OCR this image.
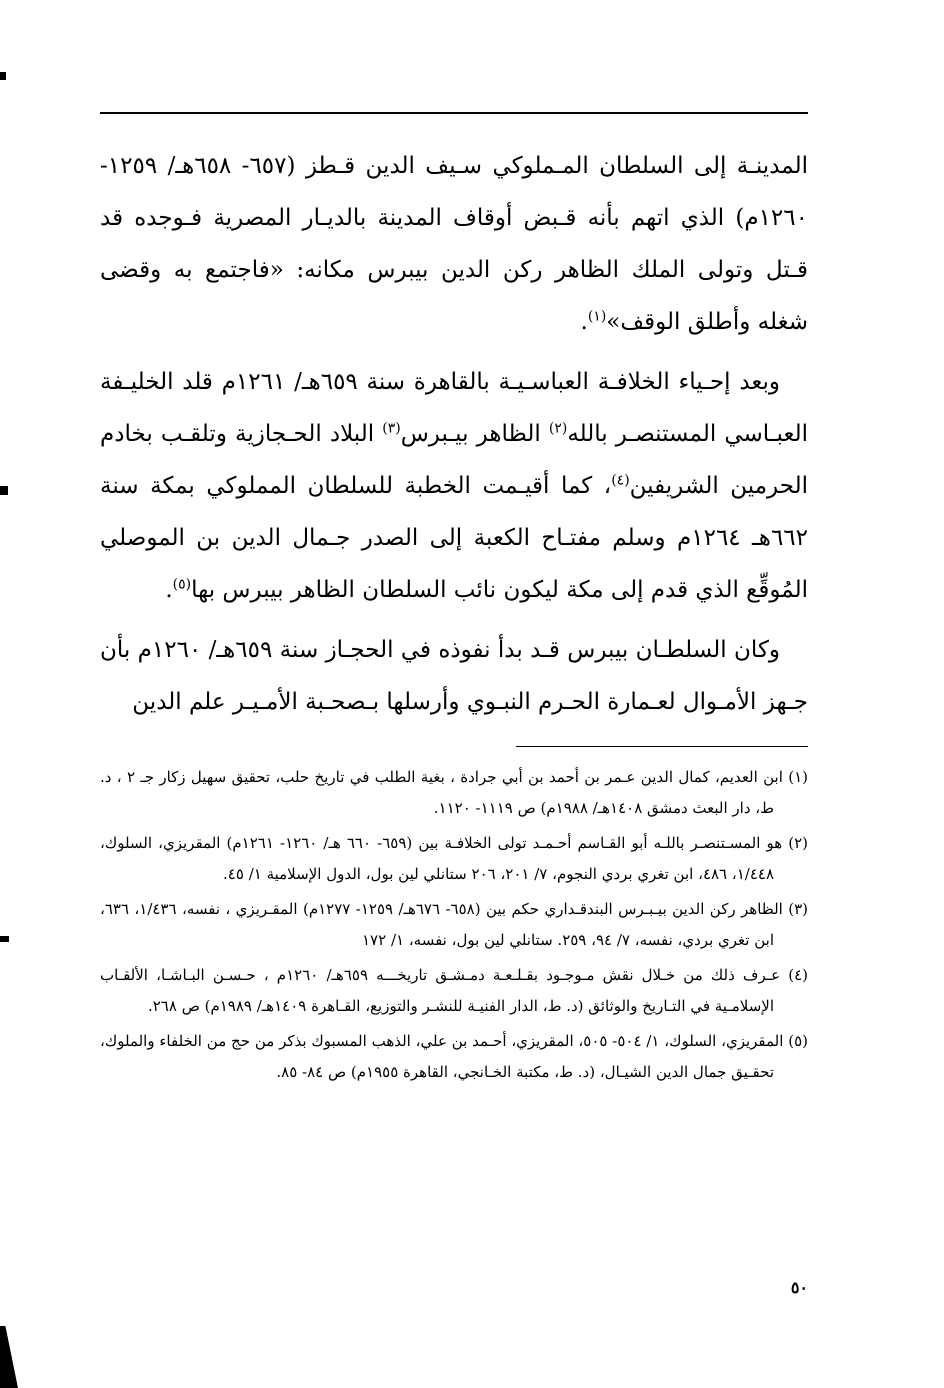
المدينـة إلى السلطان المـملوكي سـيف الدين قـطز (٦٥٧- ٦٥٨هـ/ ١٢٥٩- ١٢٦٠م) الذي اتهم بأنه قـبض أوقاف المدينة بالديـار المصرية فـوجده قد قـتل وتولى الملك الظاهر ركن الدين بيبرس مكانه: «فاجتمع به وقضى شغله وأطلق الوقف»$^{(١)}$.

وبعد إحـياء الخلافـة العباسـيـة بالقاهرة سنة ٦٥٩هـ/ ١٢٦١م قلد الخليـفة العبـاسي المستنصـر بالله$^{(٢)}$ الظاهر بيـبرس$^{(٣)}$ البلاد الحـجازية وتلقـب بخادم الحرمين الشريفين$^{(٤)}$، كما أقيـمت الخطبة للسلطان المملوكي بمكة سنة ٦٦٢هـ ١٢٦٤م وسلم مفتـاح الكعبة إلى الصدر جـمال الدين بن الموصلي المُوقِّع الذي قدم إلى مكة ليكون نائب السلطان الظاهر بيبرس بها$^{(٥)}$.

وكان السلطـان بيبرس قـد بدأ نفوذه في الحجـاز سنة ٦٥٩هـ/ ١٢٦٠م بأن جـهز الأمـوال لعـمارة الحـرم النبـوي وأرسلها بـصحـبة الأمـيـر علم الدين

(١) ابن العديم، كمال الدين عـمر بن أحمد بن أبي جرادة ، بغية الطلب في تاريخ حلب، تحقيق سهيل زكار جـ ٢ ، د. ط، دار البعث دمشق ١٤٠٨هـ/ ١٩٨٨م) ص ١١١٩- ١١٢٠.
(٢) هو المسـتنصـر باللـه أبو القـاسم أحـمـد تولى الخلافـة بين (٦٥٩- ٦٦٠ هـ/ ١٢٦٠- ١٢٦١م) المقريزي، السلوك، ١/٤٤٨، ٤٨٦، ابن تغري بردي النجوم، ٧/ ٢٠١، ٢٠٦ ستانلي لين بول، الدول الإسلامية ١/ ٤٥.
(٣) الظاهر ركن الدين بيـبـرس البندقـداري حكم بين (٦٥٨- ٦٧٦هـ/ ١٢٥٩- ١٢٧٧م) المقـريزي ، نفسه، ١/٤٣٦، ٦٣٦، ابن تغري بردي، نفسه، ٧/ ٩٤، ٢٥٩. ستانلي لين بول، نفسه، ١/ ١٧٢
(٤) عـرف ذلك من خـلال نقش مـوجـود بقـلـعـة دمـشـق تاريخـــه ٦٥٩هـ/ ١٢٦٠م ، حـسـن البـاشـا، الألقـاب الإسلامـية في التـاريخ والوثائق (د. ط، الدار الفنيـة للنشـر والتوزيع، القـاهرة ١٤٠٩هـ/ ١٩٨٩م) ص ٢٦٨.
(٥) المقريزي، السلوك، ١/ ٥٠٤- ٥٠٥، المقريزي، أحـمد بن علي، الذهب المسبوك بذكر من حج من الخلفاء والملوك، تحقـيق جمال الدين الشيـال، (د. ط، مكتبة الخـانجي، القاهرة ١٩٥٥م) ص ٨٤- ٨٥.
٥٠
